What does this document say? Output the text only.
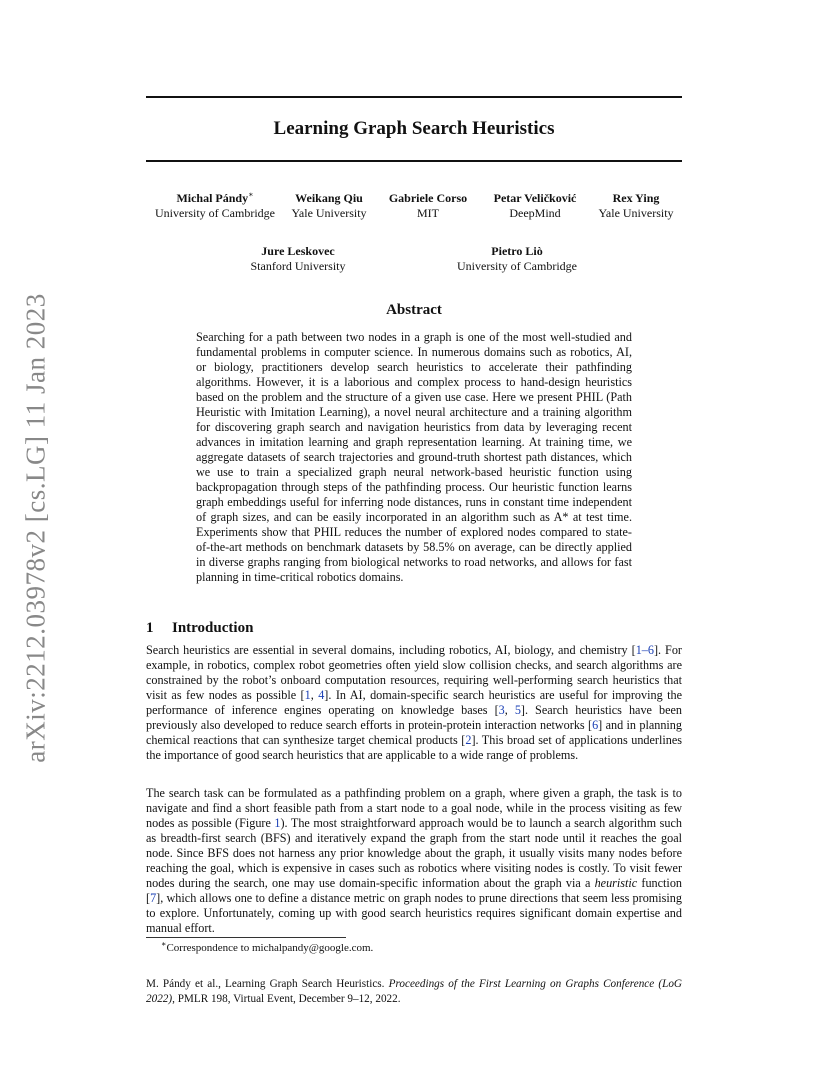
Learning Graph Search Heuristics
Michal Pándy∗
University of Cambridge
Weikang Qiu
Yale University
Gabriele Corso
MIT
Petar Veličković
DeepMind
Rex Ying
Yale University
Jure Leskovec
Stanford University
Pietro Liò
University of Cambridge
arXiv:2212.03978v2 [cs.LG] 11 Jan 2023	Abstract
Searching for a path between two nodes in a graph is one of the most well-studied and fundamental problems in computer science. In numerous domains such as robotics, AI, or biology, practitioners develop search heuristics to accelerate their pathfinding algorithms. However, it is a laborious and complex process to hand-design heuristics based on the problem and the structure of a given use case. Here we present PHIL (Path Heuristic with Imitation Learning), a novel neural architecture and a training algorithm for discovering graph search and navigation heuristics from data by leveraging recent advances in imitation learning and graph representation learning. At training time, we aggregate datasets of search trajectories and ground-truth shortest path distances, which we use to train a specialized graph neural network-based heuristic function using backpropagation through steps of the pathfinding process. Our heuristic function learns graph embeddings useful for inferring node distances, runs in constant time independent of graph sizes, and can be easily incorporated in an algorithm such as A* at test time. Experiments show that PHIL reduces the number of explored nodes compared to state-of-the-art methods on benchmark datasets by 58.5% on average, can be directly applied in diverse graphs ranging from biological networks to road networks, and allows for fast planning in time-critical robotics domains.
1 Introduction
Search heuristics are essential in several domains, including robotics, AI, biology, and chemistry [1–6]. For example, in robotics, complex robot geometries often yield slow collision checks, and search algorithms are constrained by the robot’s onboard computation resources, requiring well-performing search heuristics that visit as few nodes as possible [1, 4]. In AI, domain-specific search heuristics are useful for improving the performance of inference engines operating on knowledge bases [3, 5]. Search heuristics have been previously also developed to reduce search efforts in protein-protein interaction networks [6] and in planning chemical reactions that can synthesize target chemical products [2]. This broad set of applications underlines the importance of good search heuristics that are applicable to a wide range of problems.
The search task can be formulated as a pathfinding problem on a graph, where given a graph, the task is to navigate and find a short feasible path from a start node to a goal node, while in the process visiting as few nodes as possible (Figure 1). The most straightforward approach would be to launch a search algorithm such as breadth-first search (BFS) and iteratively expand the graph from the start node until it reaches the goal node. Since BFS does not harness any prior knowledge about the graph, it usually visits many nodes before reaching the goal, which is expensive in cases such as robotics where visiting nodes is costly. To visit fewer nodes during the search, one may use domain-specific information about the graph via a heuristic function [7], which allows one to define a distance metric on graph nodes to prune directions that seem less promising to explore. Unfortunately, coming up with good search heuristics requires significant domain expertise and manual effort.
∗Correspondence to michalpandy@google.com.
M. Pándy et al., Learning Graph Search Heuristics. Proceedings of the First Learning on Graphs Conference (LoG 2022), PMLR 198, Virtual Event, December 9–12, 2022.
